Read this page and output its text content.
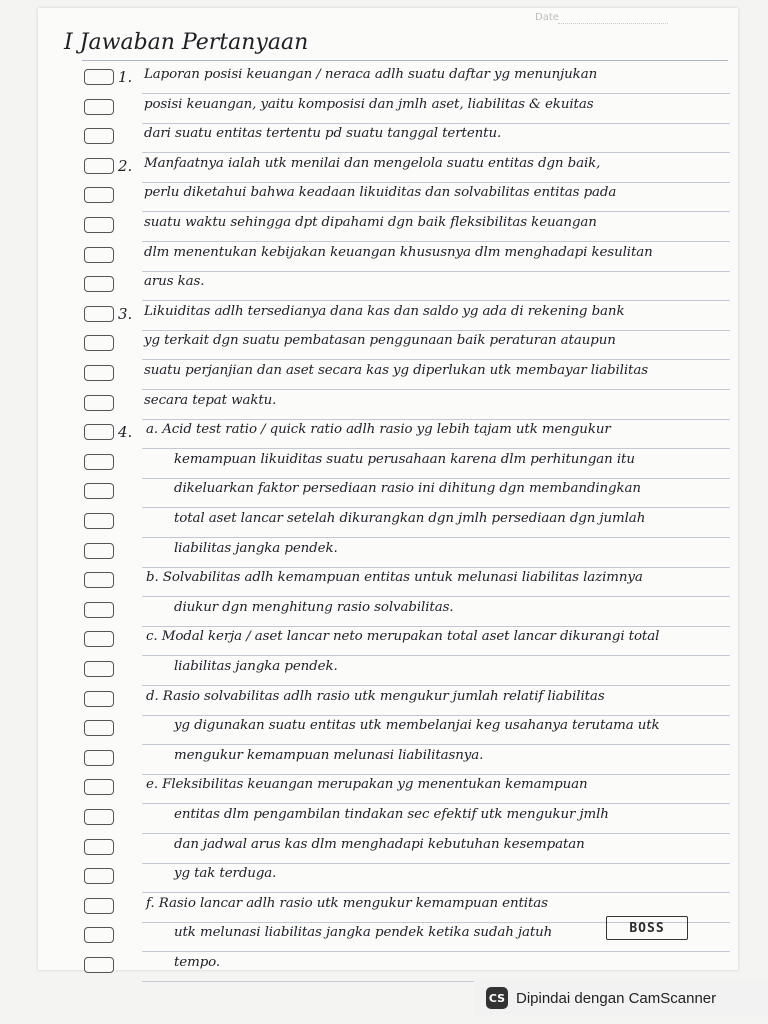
Date
I Jawaban Pertanyaan
1. Laporan posisi keuangan / neraca adlh suatu daftar yg menunjukan
posisi keuangan, yaitu komposisi dan jmlh aset, liabilitas & ekuitas
dari suatu entitas tertentu pd suatu tanggal tertentu.
2. Manfaatnya ialah utk menilai dan mengelola suatu entitas dgn baik,
perlu diketahui bahwa keadaan likuiditas dan solvabilitas entitas pada
suatu waktu sehingga dpt dipahami dgn baik fleksibilitas keuangan
dlm menentukan kebijakan keuangan khususnya dlm menghadapi kesulitan
arus kas.
3. Likuiditas adlh tersedianya dana kas dan saldo yg ada di rekening bank
yg terkait dgn suatu pembatasan penggunaan baik peraturan ataupun
suatu perjanjian dan aset secara kas yg diperlukan utk membayar liabilitas
secara tepat waktu.
4. a. Acid test ratio / quick ratio adlh rasio yg lebih tajam utk mengukur
kemampuan likuiditas suatu perusahaan karena dlm perhitungan itu
dikeluarkan faktor persediaan rasio ini dihitung dgn membandingkan
total aset lancar setelah dikurangkan dgn jmlh persediaan dgn jumlah
liabilitas jangka pendek.
b. Solvabilitas adlh kemampuan entitas untuk melunasi liabilitas lazimnya
diukur dgn menghitung rasio solvabilitas.
c. Modal kerja / aset lancar neto merupakan total aset lancar dikurangi total
liabilitas jangka pendek.
d. Rasio solvabilitas adlh rasio utk mengukur jumlah relatif liabilitas
yg digunakan suatu entitas utk membelanjai keg usahanya terutama utk
mengukur kemampuan melunasi liabilitasnya.
e. Fleksibilitas keuangan merupakan yg menentukan kemampuan
entitas dlm pengambilan tindakan sec efektif utk mengukur jmlh
dan jadwal arus kas dlm menghadapi kebutuhan kesempatan
yg tak terduga.
f. Rasio lancar adlh rasio utk mengukur kemampuan entitas
utk melunasi liabilitas jangka pendek ketika sudah jatuh
tempo.
BOSS
CS Dipindai dengan CamScanner
